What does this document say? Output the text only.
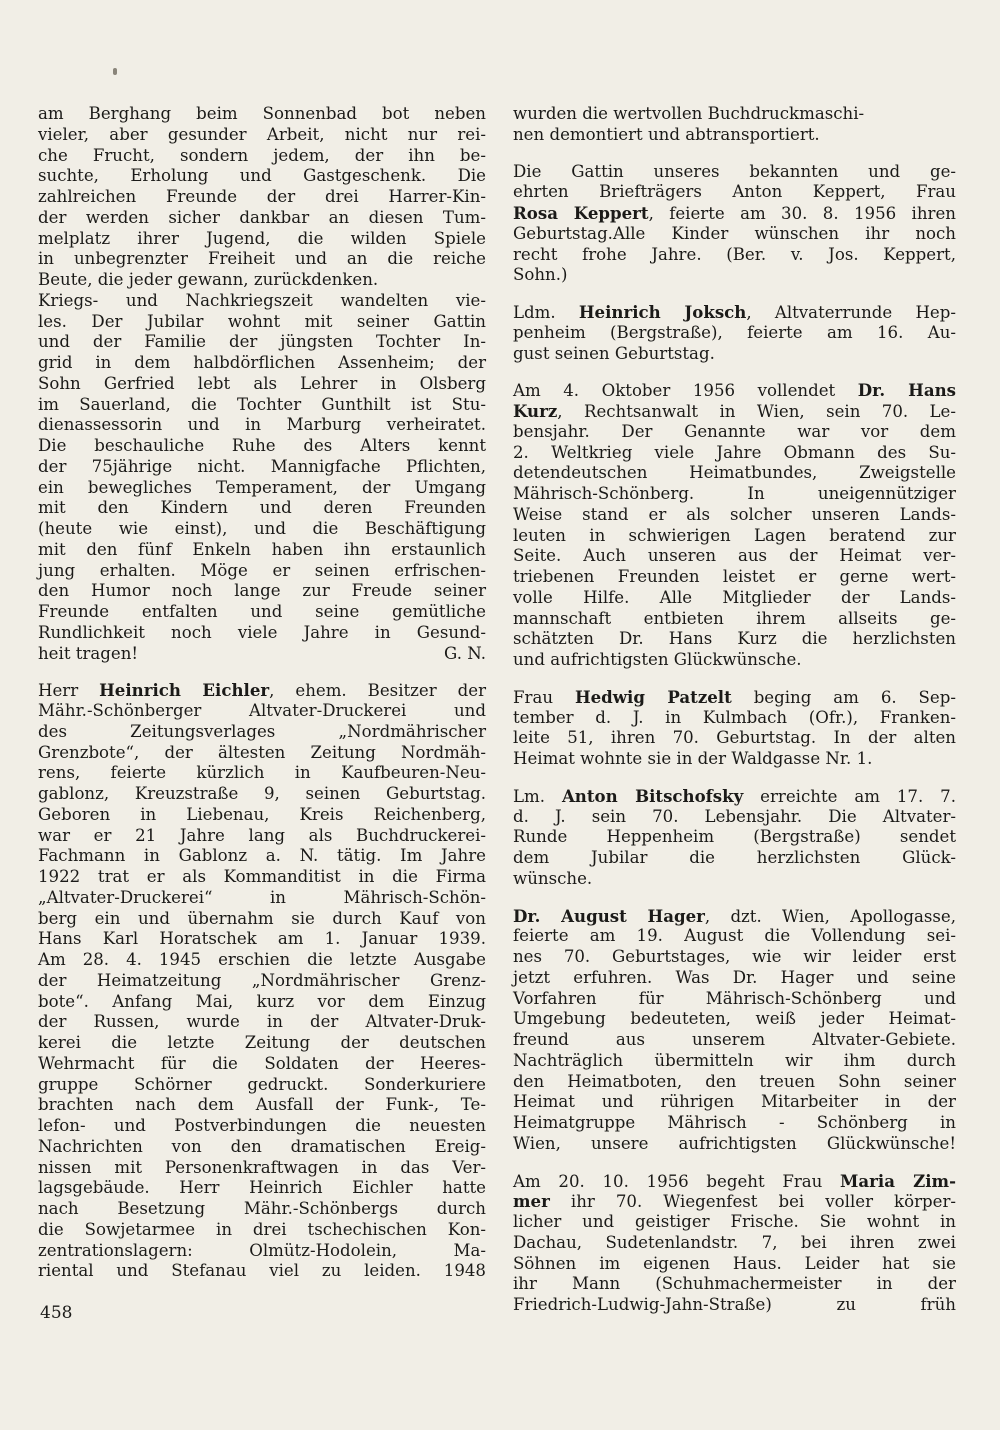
am Berghang beim Sonnenbad bot neben
vieler, aber gesunder Arbeit, nicht nur rei-
che Frucht, sondern jedem, der ihn be-
suchte, Erholung und Gastgeschenk. Die
zahlreichen Freunde der drei Harrer-Kin-
der werden sicher dankbar an diesen Tum-
melplatz ihrer Jugend, die wilden Spiele
in unbegrenzter Freiheit und an die reiche
Beute, die jeder gewann, zurückdenken.
Kriegs- und Nachkriegszeit wandelten vie-
les. Der Jubilar wohnt mit seiner Gattin
und der Familie der jüngsten Tochter In-
grid in dem halbdörflichen Assenheim; der
Sohn Gerfried lebt als Lehrer in Olsberg
im Sauerland, die Tochter Gunthilt ist Stu-
dienassessorin und in Marburg verheiratet.
Die beschauliche Ruhe des Alters kennt
der 75jährige nicht. Mannigfache Pflichten,
ein bewegliches Temperament, der Umgang
mit den Kindern und deren Freunden
(heute wie einst), und die Beschäftigung
mit den fünf Enkeln haben ihn erstaunlich
jung erhalten. Möge er seinen erfrischen-
den Humor noch lange zur Freude seiner
Freunde entfalten und seine gemütliche
Rundlichkeit noch viele Jahre in Gesund-
heit tragen!	G. N.
Herr Heinrich Eichler, ehem. Besitzer der
Mähr.-Schönberger Altvater-Druckerei und
des Zeitungsverlages „Nordmährischer
Grenzbote“, der ältesten Zeitung Nordmäh-
rens, feierte kürzlich in Kaufbeuren-Neu-
gablonz, Kreuzstraße 9, seinen Geburtstag.
Geboren in Liebenau, Kreis Reichenberg,
war er 21 Jahre lang als Buchdruckerei-
Fachmann in Gablonz a. N. tätig. Im Jahre
1922 trat er als Kommanditist in die Firma
„Altvater-Druckerei“ in Mährisch-Schön-
berg ein und übernahm sie durch Kauf von
Hans Karl Horatschek am 1. Januar 1939.
Am 28. 4. 1945 erschien die letzte Ausgabe
der Heimatzeitung „Nordmährischer Grenz-
bote“. Anfang Mai, kurz vor dem Einzug
der Russen, wurde in der Altvater-Druk-
kerei die letzte Zeitung der deutschen
Wehrmacht für die Soldaten der Heeres-
gruppe Schörner gedruckt. Sonderkuriere
brachten nach dem Ausfall der Funk-, Te-
lefon- und Postverbindungen die neuesten
Nachrichten von den dramatischen Ereig-
nissen mit Personenkraftwagen in das Ver-
lagsgebäude. Herr Heinrich Eichler hatte
nach Besetzung Mähr.-Schönbergs durch
die Sowjetarmee in drei tschechischen Kon-
zentrationslagern: Olmütz-Hodolein, Ma-
riental und Stefanau viel zu leiden. 1948
wurden die wertvollen Buchdruckmaschi-
nen demontiert und abtransportiert.
Die Gattin unseres bekannten und ge-
ehrten Briefträgers Anton Keppert, Frau
Rosa Keppert, feierte am 30. 8. 1956 ihren
Geburtstag.Alle Kinder wünschen ihr noch
recht frohe Jahre. (Ber. v. Jos. Keppert,
Sohn.)
Ldm. Heinrich Joksch, Altvaterrunde Hep-
penheim (Bergstraße), feierte am 16. Au-
gust seinen Geburtstag.
Am 4. Oktober 1956 vollendet Dr. Hans
Kurz, Rechtsanwalt in Wien, sein 70. Le-
bensjahr. Der Genannte war vor dem
2. Weltkrieg viele Jahre Obmann des Su-
detendeutschen Heimatbundes, Zweigstelle
Mährisch-Schönberg. In uneigennütziger
Weise stand er als solcher unseren Lands-
leuten in schwierigen Lagen beratend zur
Seite. Auch unseren aus der Heimat ver-
triebenen Freunden leistet er gerne wert-
volle Hilfe. Alle Mitglieder der Lands-
mannschaft entbieten ihrem allseits ge-
schätzten Dr. Hans Kurz die herzlichsten
und aufrichtigsten Glückwünsche.
Frau Hedwig Patzelt beging am 6. Sep-
tember d. J. in Kulmbach (Ofr.), Franken-
leite 51, ihren 70. Geburtstag. In der alten
Heimat wohnte sie in der Waldgasse Nr. 1.
Lm. Anton Bitschofsky erreichte am 17. 7.
d. J. sein 70. Lebensjahr. Die Altvater-
Runde Heppenheim (Bergstraße) sendet
dem Jubilar die herzlichsten Glück-
wünsche.
Dr. August Hager, dzt. Wien, Apollogasse,
feierte am 19. August die Vollendung sei-
nes 70. Geburtstages, wie wir leider erst
jetzt erfuhren. Was Dr. Hager und seine
Vorfahren für Mährisch-Schönberg und
Umgebung bedeuteten, weiß jeder Heimat-
freund aus unserem Altvater-Gebiete.
Nachträglich übermitteln wir ihm durch
den Heimatboten, den treuen Sohn seiner
Heimat und rührigen Mitarbeiter in der
Heimatgruppe Mährisch - Schönberg in
Wien, unsere aufrichtigsten Glückwünsche!
Am 20. 10. 1956 begeht Frau Maria Zim-
mer ihr 70. Wiegenfest bei voller körper-
licher und geistiger Frische. Sie wohnt in
Dachau, Sudetenlandstr. 7, bei ihren zwei
Söhnen im eigenen Haus. Leider hat sie
ihr Mann (Schuhmachermeister in der
Friedrich-Ludwig-Jahn-Straße) zu früh
458
